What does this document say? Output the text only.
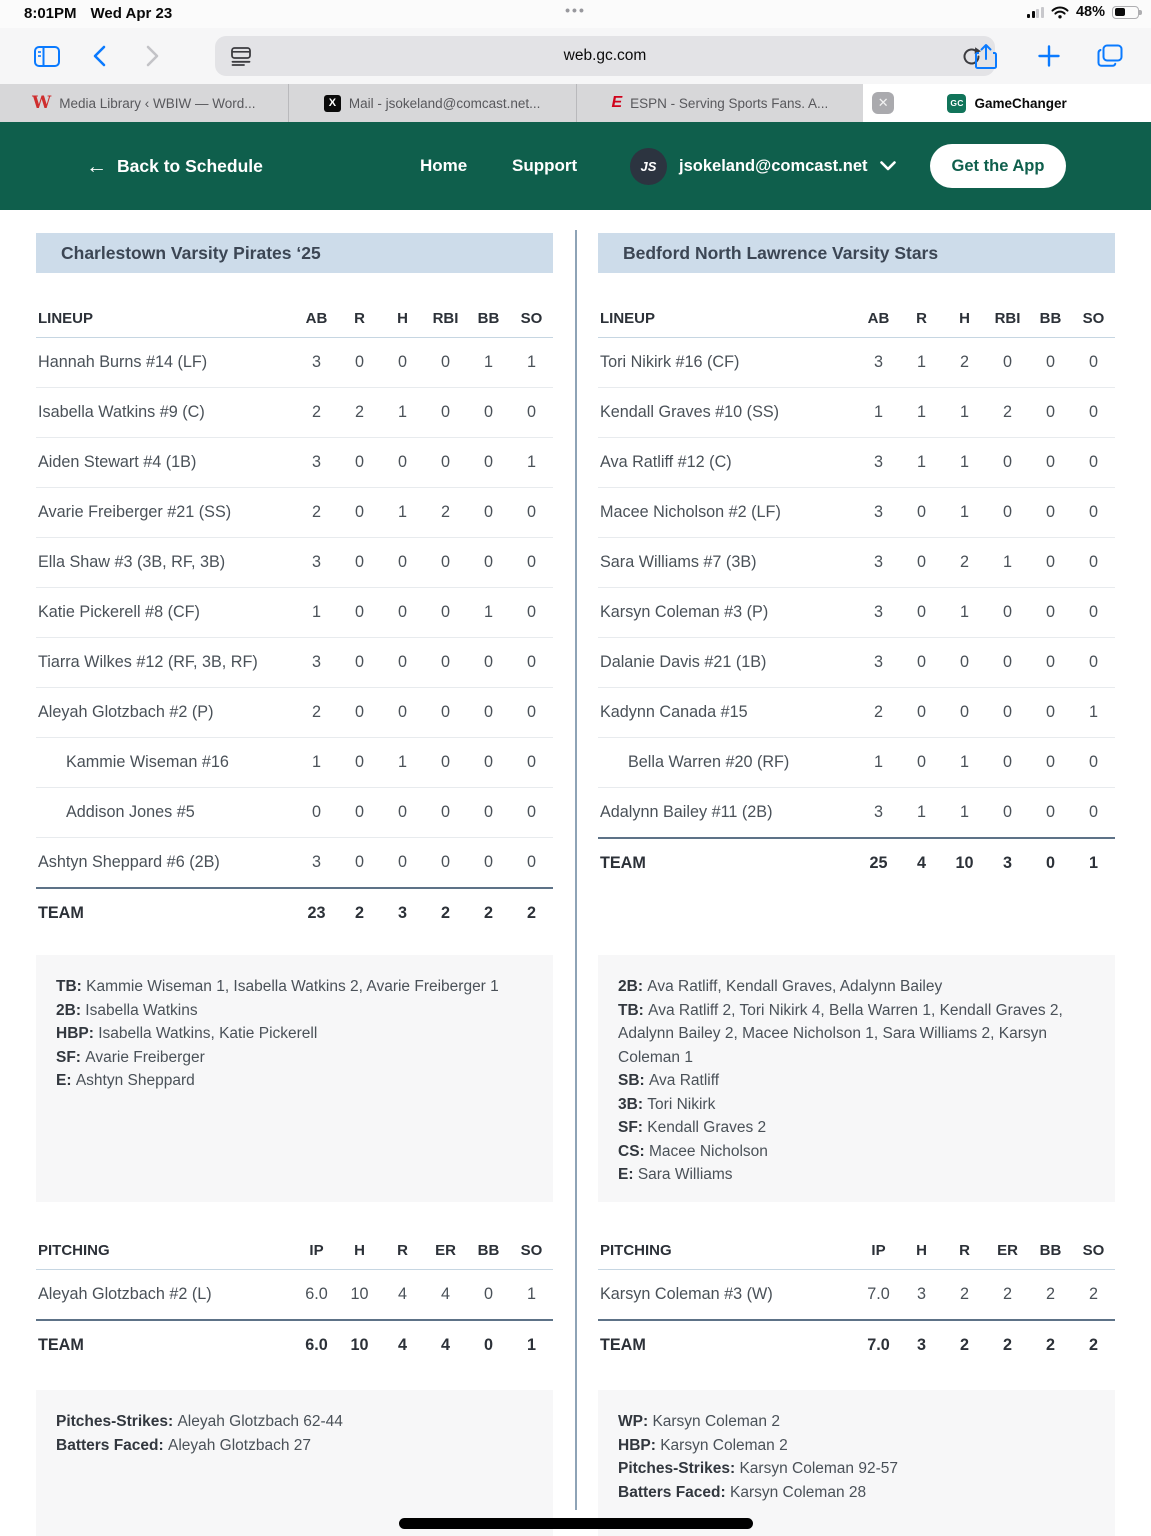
8:01PM Wed Apr 23	•••	48%
web.gc.com
W Media Library ‹ WBIW — Word...	X Mail - jsokeland@comcast.net...	E ESPN - Serving Sports Fans. A...	✕	GC GameChanger
← Back to Schedule	Home	Support	JS	jsokeland@comcast.net	Get the App
Charlestown Varsity Pirates ‘25
LINEUP	AB	R	H	RBI	BB	SO
Hannah Burns #14 (LF)	3	0	0	0	1	1
Isabella Watkins #9 (C)	2	2	1	0	0	0
Aiden Stewart #4 (1B)	3	0	0	0	0	1
Avarie Freiberger #21 (SS)	2	0	1	2	0	0
Ella Shaw #3 (3B, RF, 3B)	3	0	0	0	0	0
Katie Pickerell #8 (CF)	1	0	0	0	1	0
Tiarra Wilkes #12 (RF, 3B, RF)	3	0	0	0	0	0
Aleyah Glotzbach #2 (P)	2	0	0	0	0	0
Kammie Wiseman #16	1	0	1	0	0	0
Addison Jones #5	0	0	0	0	0	0
Ashtyn Sheppard #6 (2B)	3	0	0	0	0	0
TEAM	23	2	3	2	2	2
TB: Kammie Wiseman 1, Isabella Watkins 2, Avarie Freiberger 1
2B: Isabella Watkins
HBP: Isabella Watkins, Katie Pickerell
SF: Avarie Freiberger
E: Ashtyn Sheppard
PITCHING	IP	H	R	ER	BB	SO
Aleyah Glotzbach #2 (L)	6.0	10	4	4	0	1
TEAM	6.0	10	4	4	0	1
Pitches-Strikes: Aleyah Glotzbach 62-44
Batters Faced: Aleyah Glotzbach 27
Bedford North Lawrence Varsity Stars
LINEUP	AB	R	H	RBI	BB	SO
Tori Nikirk #16 (CF)	3	1	2	0	0	0
Kendall Graves #10 (SS)	1	1	1	2	0	0
Ava Ratliff #12 (C)	3	1	1	0	0	0
Macee Nicholson #2 (LF)	3	0	1	0	0	0
Sara Williams #7 (3B)	3	0	2	1	0	0
Karsyn Coleman #3 (P)	3	0	1	0	0	0
Dalanie Davis #21 (1B)	3	0	0	0	0	0
Kadynn Canada #15	2	0	0	0	0	1
Bella Warren #20 (RF)	1	0	1	0	0	0
Adalynn Bailey #11 (2B)	3	1	1	0	0	0
TEAM	25	4	10	3	0	1
2B: Ava Ratliff, Kendall Graves, Adalynn Bailey
TB: Ava Ratliff 2, Tori Nikirk 4, Bella Warren 1, Kendall Graves 2, Adalynn Bailey 2, Macee Nicholson 1, Sara Williams 2, Karsyn Coleman 1
SB: Ava Ratliff
3B: Tori Nikirk
SF: Kendall Graves 2
CS: Macee Nicholson
E: Sara Williams
PITCHING	IP	H	R	ER	BB	SO
Karsyn Coleman #3 (W)	7.0	3	2	2	2	2
TEAM	7.0	3	2	2	2	2
WP: Karsyn Coleman 2
HBP: Karsyn Coleman 2
Pitches-Strikes: Karsyn Coleman 92-57
Batters Faced: Karsyn Coleman 28
